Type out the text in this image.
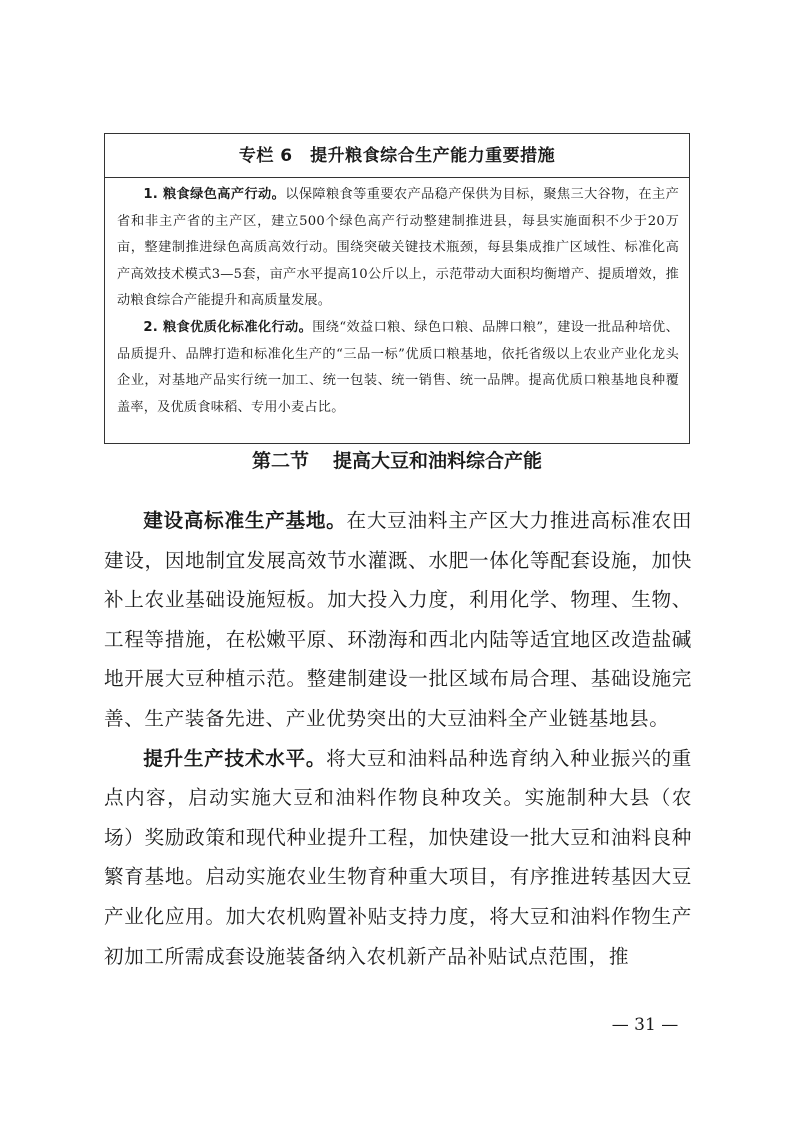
专栏 6　提升粮食综合生产能力重要措施

1. 粮食绿色高产行动。以保障粮食等重要农产品稳产保供为目标，聚焦三大谷物，在主产省和非主产省的主产区，建立500个绿色高产行动整建制推进县，每县实施面积不少于20万亩，整建制推进绿色高质高效行动。围绕突破关键技术瓶颈，每县集成推广区域性、标准化高产高效技术模式3—5套，亩产水平提高10公斤以上，示范带动大面积均衡增产、提质增效，推动粮食综合产能提升和高质量发展。

2. 粮食优质化标准化行动。围绕“效益口粮、绿色口粮、品牌口粮”，建设一批品种培优、品质提升、品牌打造和标准化生产的“三品一标”优质口粮基地，依托省级以上农业产业化龙头企业，对基地产品实行统一加工、统一包装、统一销售、统一品牌。提高优质口粮基地良种覆盖率，及优质食味稻、专用小麦占比。

第二节 提高大豆和油料综合产能

建设高标准生产基地。在大豆油料主产区大力推进高标准农田建设，因地制宜发展高效节水灌溉、水肥一体化等配套设施，加快补上农业基础设施短板。加大投入力度，利用化学、物理、生物、工程等措施，在松嫩平原、环渤海和西北内陆等适宜地区改造盐碱地开展大豆种植示范。整建制建设一批区域布局合理、基础设施完善、生产装备先进、产业优势突出的大豆油料全产业链基地县。

提升生产技术水平。将大豆和油料品种选育纳入种业振兴的重点内容，启动实施大豆和油料作物良种攻关。实施制种大县（农场）奖励政策和现代种业提升工程，加快建设一批大豆和油料良种繁育基地。启动实施农业生物育种重大项目，有序推进转基因大豆产业化应用。加大农机购置补贴支持力度，将大豆和油料作物生产初加工所需成套设施装备纳入农机新产品补贴试点范围，推

— 31 —
